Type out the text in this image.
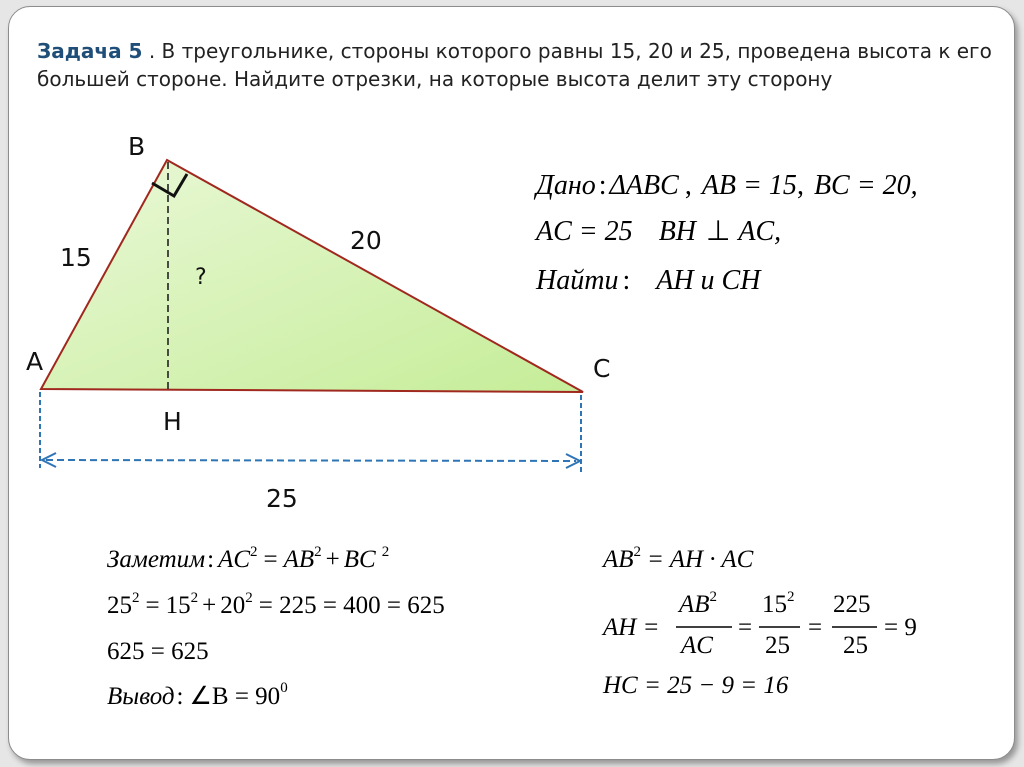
Задача 5 . В треугольнике, стороны которого равны 15, 20 и 25, проведена высота к его большей стороне. Найдите отрезки, на которые высота делит эту сторону
B
A	C
H
15
20
25
?
Дано : ΔABC , AB = 15, BC = 20,
AC = 25 BH ⊥ AC,
Найти : AH и CH
Заметим: $AC^2 = AB^2$ + BC $^2$
$25^2 = 15^2 + 20^2 = 225 = 400 = 625$
625 = 625
Вывод: ∠B = $90^0$
$AB^2$ = AH · AC
AH =
$AB^2$
AC
=
$15^2$
25
=
225
25
= 9
HC = 25 − 9 = 16
